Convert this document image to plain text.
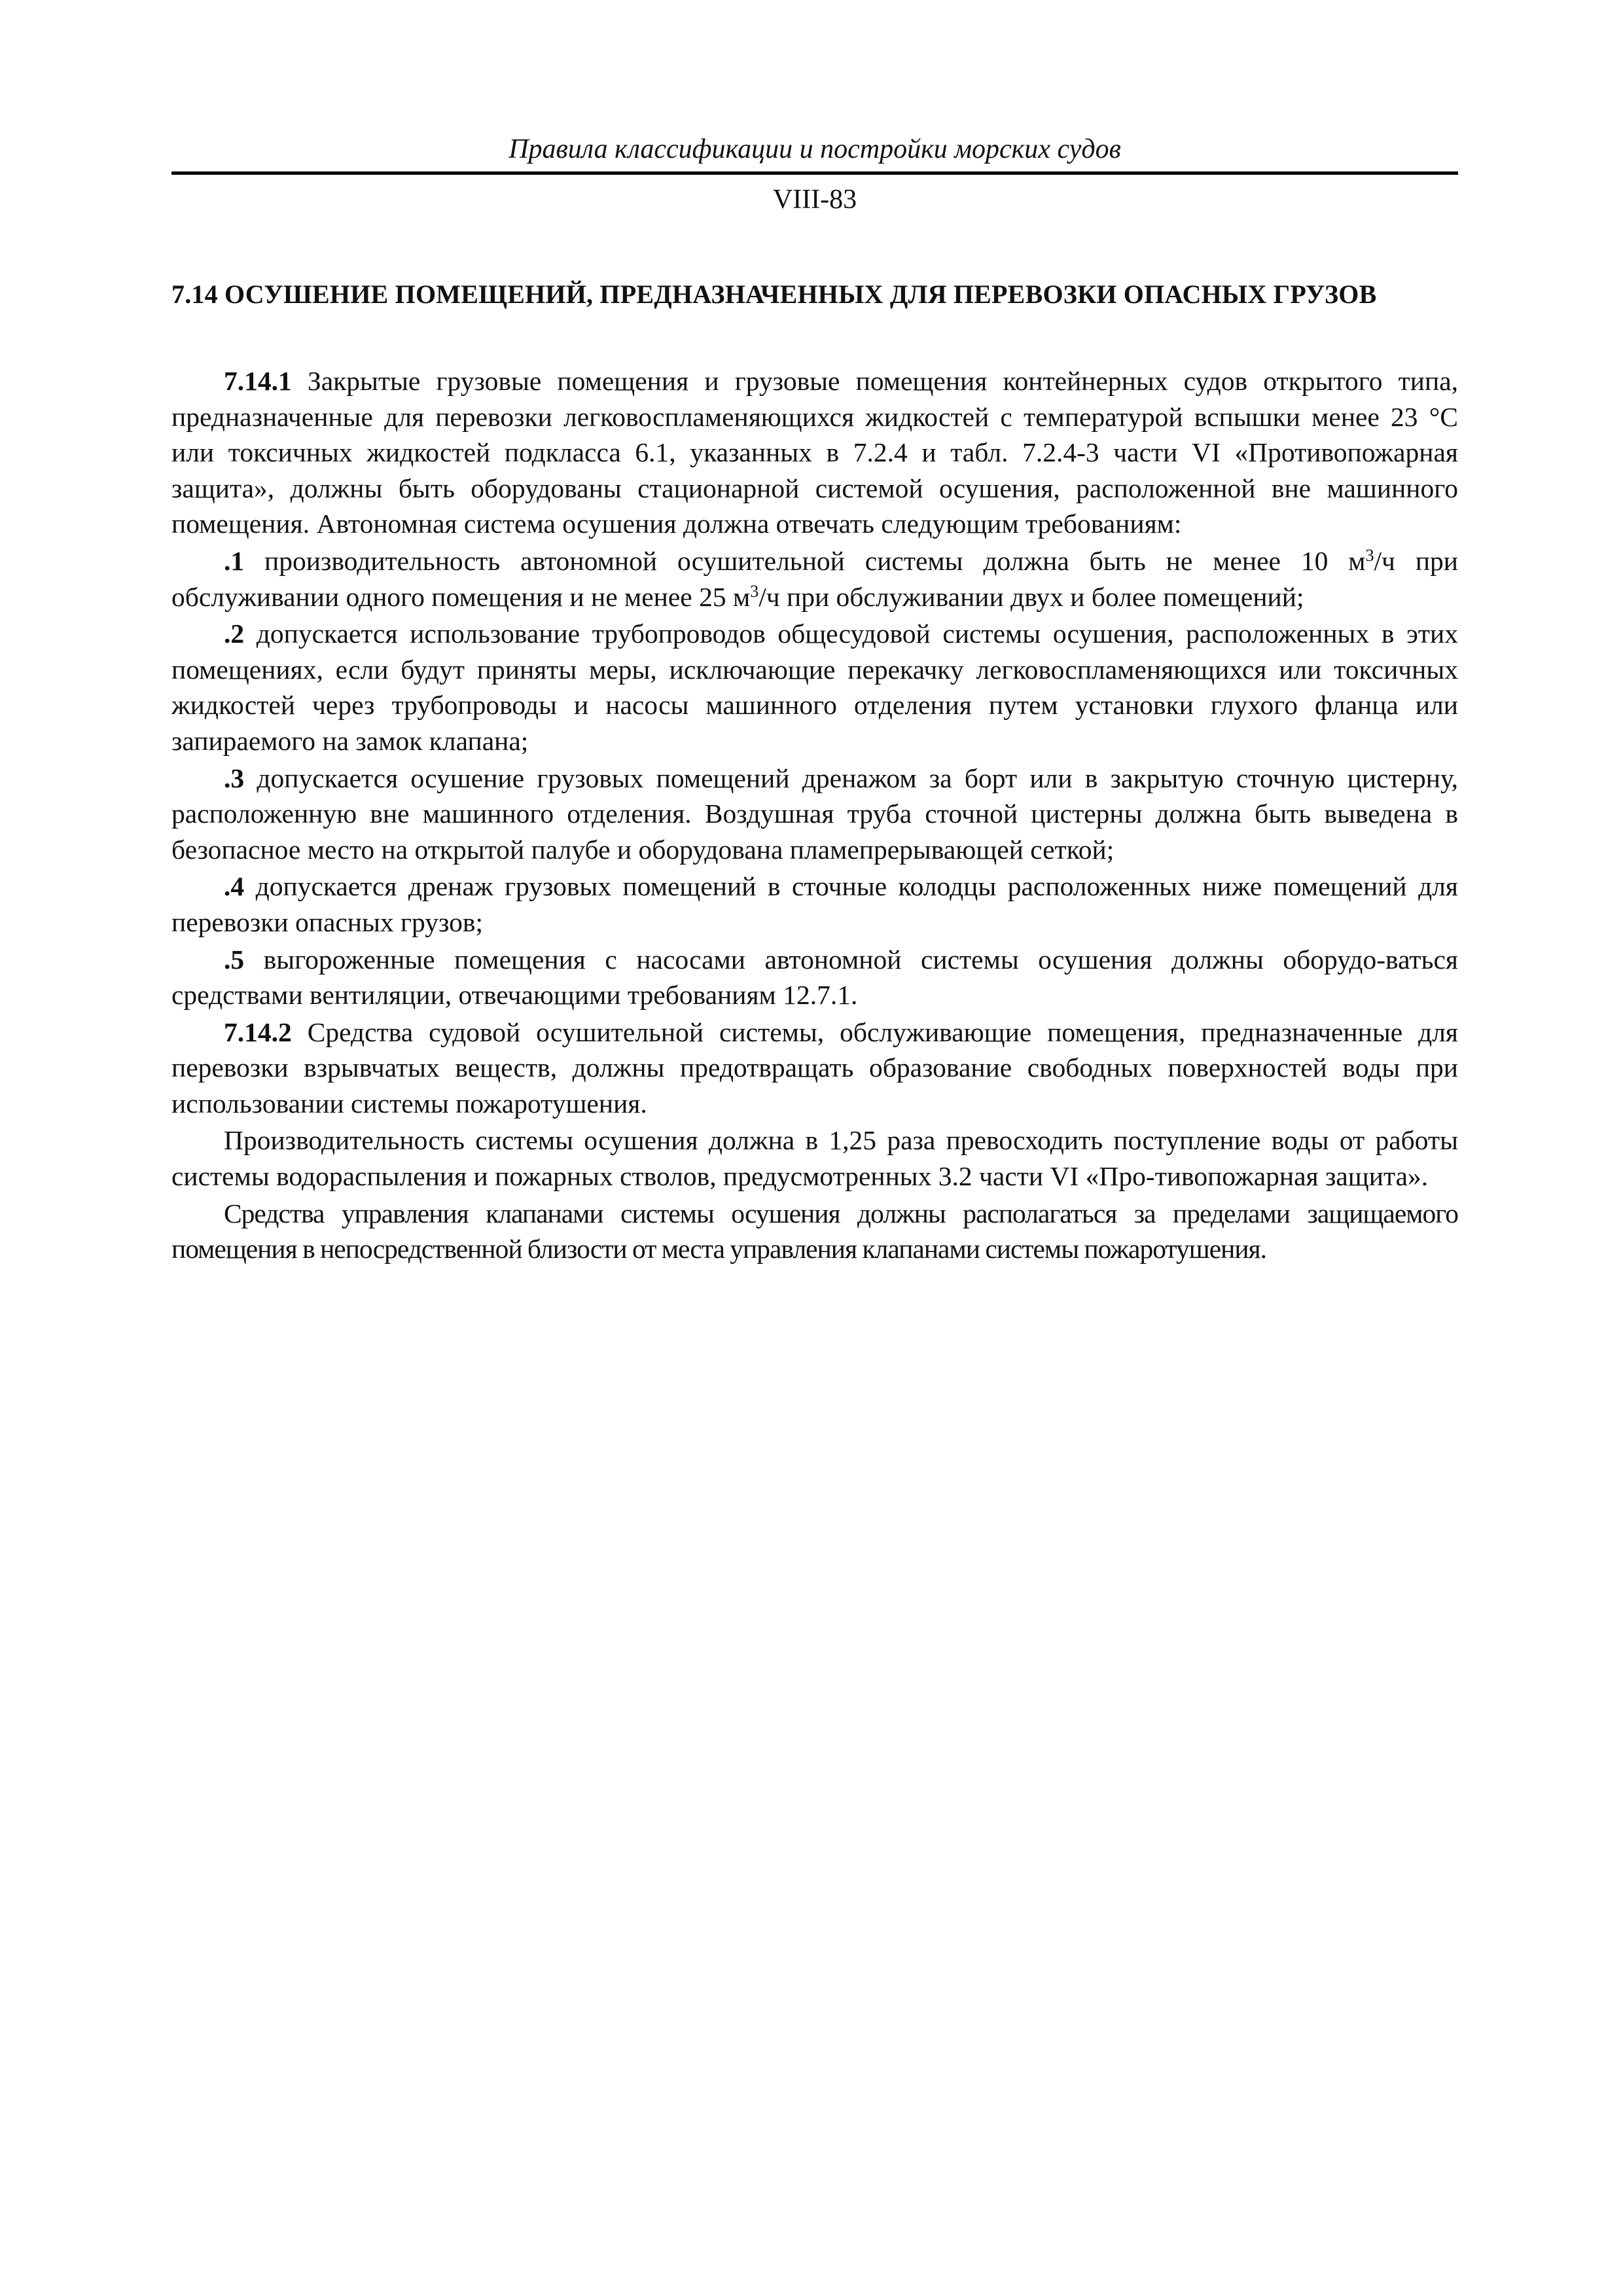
Правила классификации и постройки морских судов

VIII-83

7.14 ОСУШЕНИЕ ПОМЕЩЕНИЙ, ПРЕДНАЗНАЧЕННЫХ ДЛЯ ПЕРЕВОЗКИ ОПАСНЫХ ГРУЗОВ

7.14.1 Закрытые грузовые помещения и грузовые помещения контейнерных судов открытого типа, предназначенные для перевозки легковоспламеняющихся жидкостей с температурой вспышки менее 23 °С или токсичных жидкостей подкласса 6.1, указанных в 7.2.4 и табл. 7.2.4-3 части VI «Противопожарная защита», должны быть оборудованы стационарной системой осушения, расположенной вне машинного помещения. Автономная система осушения должна отвечать следующим требованиям:

.1 производительность автономной осушительной системы должна быть не менее 10 $м^3/ч$ при обслуживании одного помещения и не менее 25 $м^3/ч$ при обслуживании двух и более помещений;

.2 допускается использование трубопроводов общесудовой системы осушения, расположенных в этих помещениях, если будут приняты меры, исключающие перекачку легковоспламеняющихся или токсичных жидкостей через трубопроводы и насосы машинного отделения путем установки глухого фланца или запираемого на замок клапана;

.3 допускается осушение грузовых помещений дренажом за борт или в закрытую сточную цистерну, расположенную вне машинного отделения. Воздушная труба сточной цистерны должна быть выведена в безопасное место на открытой палубе и оборудована пламепрерывающей сеткой;

.4 допускается дренаж грузовых помещений в сточные колодцы расположенных ниже помещений для перевозки опасных грузов;

.5 выгороженные помещения с насосами автономной системы осушения должны оборудо-ваться средствами вентиляции, отвечающими требованиям 12.7.1.

7.14.2 Средства судовой осушительной системы, обслуживающие помещения, предназначенные для перевозки взрывчатых веществ, должны предотвращать образование свободных поверхностей воды при использовании системы пожаротушения.

Производительность системы осушения должна в 1,25 раза превосходить поступление воды от работы системы водораспыления и пожарных стволов, предусмотренных 3.2 части VI «Про-тивопожарная защита».

Средства управления клапанами системы осушения должны располагаться за пределами защищаемого помещения в непосредственной близости от места управления клапанами системы пожаротушения.
